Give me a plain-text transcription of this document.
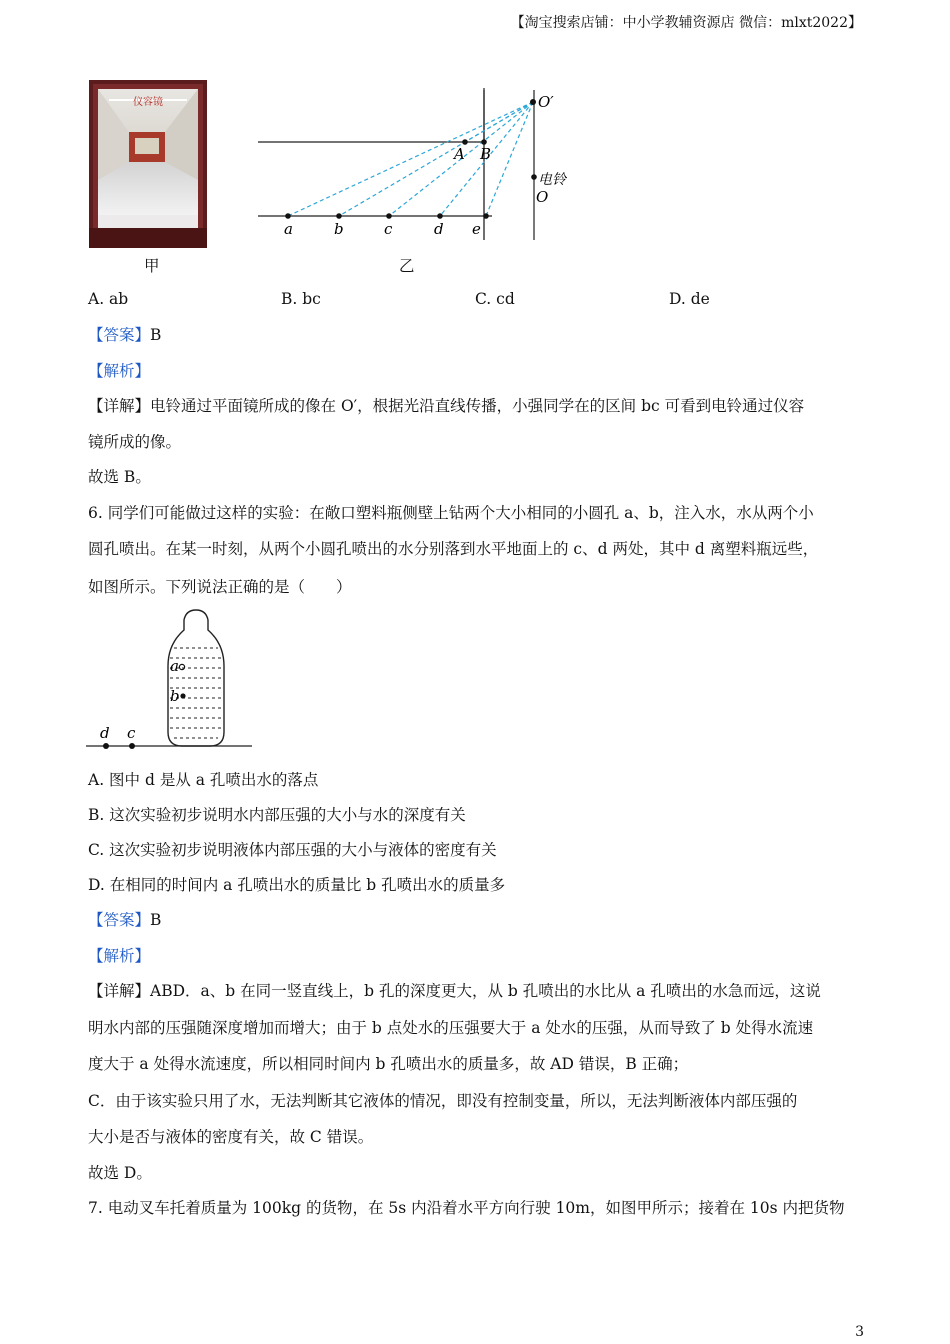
【淘宝搜索店铺：中小学教辅资源店 微信：mlxt2022】
仪容镜
甲
O′
电铃
O
A B
a	b	c	d e
乙
A. ab	B. bc	C. cd	D. de
【答案】B
【解析】
【详解】电铃通过平面镜所成的像在 O′，根据光沿直线传播，小强同学在的区间 bc 可看到电铃通过仪容
镜所成的像。
故选 B。
6. 同学们可能做过这样的实验：在敞口塑料瓶侧壁上钻两个大小相同的小圆孔 a、b，注入水，水从两个小
圆孔喷出。在某一时刻，从两个小圆孔喷出的水分别落到水平地面上的 c、d 两处，其中 d 离塑料瓶远些，
如图所示。下列说法正确的是（　　）
a
b
d c
A. 图中 d 是从 a 孔喷出水的落点
B. 这次实验初步说明水内部压强的大小与水的深度有关
C. 这次实验初步说明液体内部压强的大小与液体的密度有关
D. 在相同的时间内 a 孔喷出水的质量比 b 孔喷出水的质量多
【答案】B
【解析】
【详解】ABD．a、b 在同一竖直线上，b 孔的深度更大，从 b 孔喷出的水比从 a 孔喷出的水急而远，这说
明水内部的压强随深度增加而增大；由于 b 点处水的压强要大于 a 处水的压强，从而导致了 b 处得水流速
度大于 a 处得水流速度，所以相同时间内 b 孔喷出水的质量多，故 AD 错误，B 正确；
C．由于该实验只用了水，无法判断其它液体的情况，即没有控制变量，所以，无法判断液体内部压强的
大小是否与液体的密度有关，故 C 错误。
故选 D。
7. 电动叉车托着质量为 100kg 的货物，在 5s 内沿着水平方向行驶 10m，如图甲所示；接着在 10s 内把货物
3
